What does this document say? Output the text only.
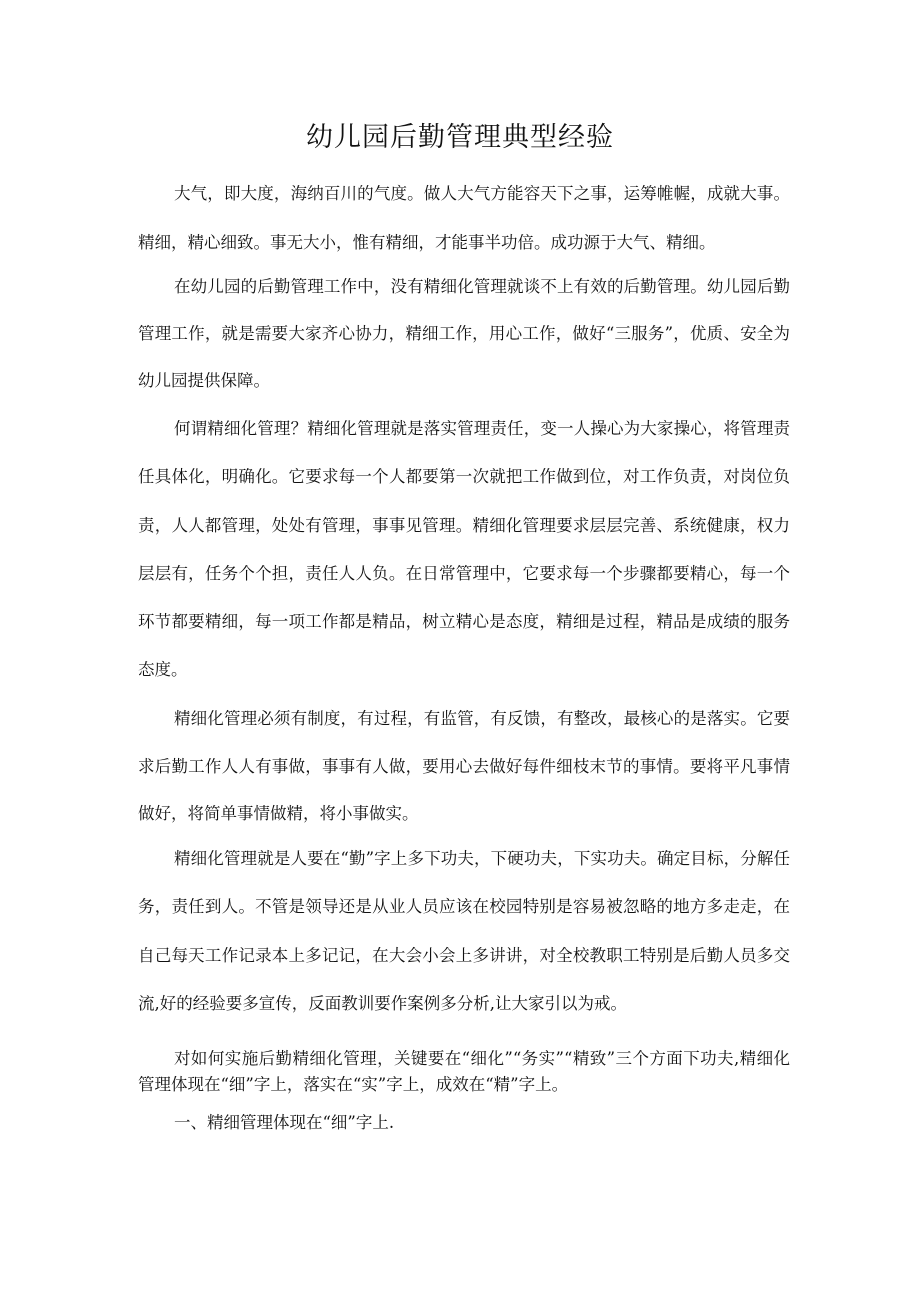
幼儿园后勤管理典型经验

大气，即大度，海纳百川的气度。做人大气方能容天下之事，运筹帷幄，成就大事。精细，精心细致。事无大小，惟有精细，才能事半功倍。成功源于大气、精细。

在幼儿园的后勤管理工作中，没有精细化管理就谈不上有效的后勤管理。幼儿园后勤管理工作，就是需要大家齐心协力，精细工作，用心工作，做好“三服务”，优质、安全为幼儿园提供保障。

何谓精细化管理？精细化管理就是落实管理责任，变一人操心为大家操心，将管理责任具体化，明确化。它要求每一个人都要第一次就把工作做到位，对工作负责，对岗位负责，人人都管理，处处有管理，事事见管理。精细化管理要求层层完善、系统健康，权力层层有，任务个个担，责任人人负。在日常管理中，它要求每一个步骤都要精心，每一个环节都要精细，每一项工作都是精品，树立精心是态度，精细是过程，精品是成绩的服务态度。

精细化管理必须有制度，有过程，有监管，有反馈，有整改，最核心的是落实。它要求后勤工作人人有事做，事事有人做，要用心去做好每件细枝末节的事情。要将平凡事情做好，将简单事情做精，将小事做实。

精细化管理就是人要在“勤”字上多下功夫，下硬功夫，下实功夫。确定目标，分解任务，责任到人。不管是领导还是从业人员应该在校园特别是容易被忽略的地方多走走，在自己每天工作记录本上多记记，在大会小会上多讲讲，对全校教职工特别是后勤人员多交流,好的经验要多宣传，反面教训要作案例多分析,让大家引以为戒。

对如何实施后勤精细化管理，关键要在“细化”“务实”“精致”三个方面下功夫,精细化管理体现在“细”字上，落实在“实”字上，成效在“精”字上。

一、精细管理体现在“细”字上.
